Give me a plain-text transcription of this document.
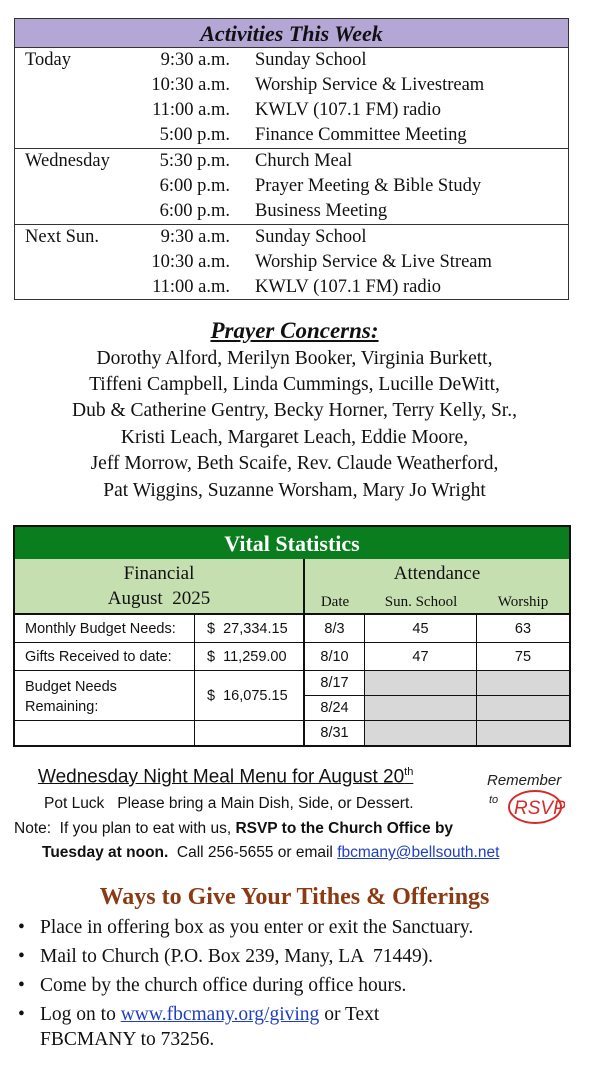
Activities This Week
Today	9:30 a.m. Sunday School
10:30 a.m. Worship Service & Livestream
11:00 a.m. KWLV (107.1 FM) radio
5:00 p.m. Finance Committee Meeting
Wednesday	5:30 p.m. Church Meal
6:00 p.m. Prayer Meeting & Bible Study
6:00 p.m. Business Meeting
Next Sun.	9:30 a.m. Sunday School
10:30 a.m. Worship Service & Live Stream
11:00 a.m. KWLV (107.1 FM) radio
Prayer Concerns:
Dorothy Alford, Merilyn Booker, Virginia Burkett,
Tiffeni Campbell, Linda Cummings, Lucille DeWitt,
Dub & Catherine Gentry, Becky Horner, Terry Kelly, Sr.,
Kristi Leach, Margaret Leach, Eddie Moore,
Jeff Morrow, Beth Scaife, Rev. Claude Weatherford,
Pat Wiggins, Suzanne Worsham, Mary Jo Wright
Vital Statistics
Financial
August  2025
Attendance
Date	Sun. School	Worship
Monthly Budget Needs:	$  27,334.15
Gifts Received to date:	$  11,259.00
Budget Needs
Remaining:
$  16,075.15
8/3	45	63
8/10	47	75
8/17
8/24
8/31
Wednesday Night Meal Menu for August 20th
Pot Luck   Please bring a Main Dish, Side, or Dessert.
Note:  If you plan to eat with us, RSVP to the Church Office by
Tuesday at noon.  Call 256-5655 or email fbcmany@bellsouth.net
Remember
to RSVP
Ways to Give Your Tithes & Offerings
• Place in offering box as you enter or exit the Sanctuary.
• Mail to Church (P.O. Box 239, Many, LA  71449).
• Come by the church office during office hours.
• Log on to www.fbcmany.org/giving or Text
FBCMANY to 73256.
